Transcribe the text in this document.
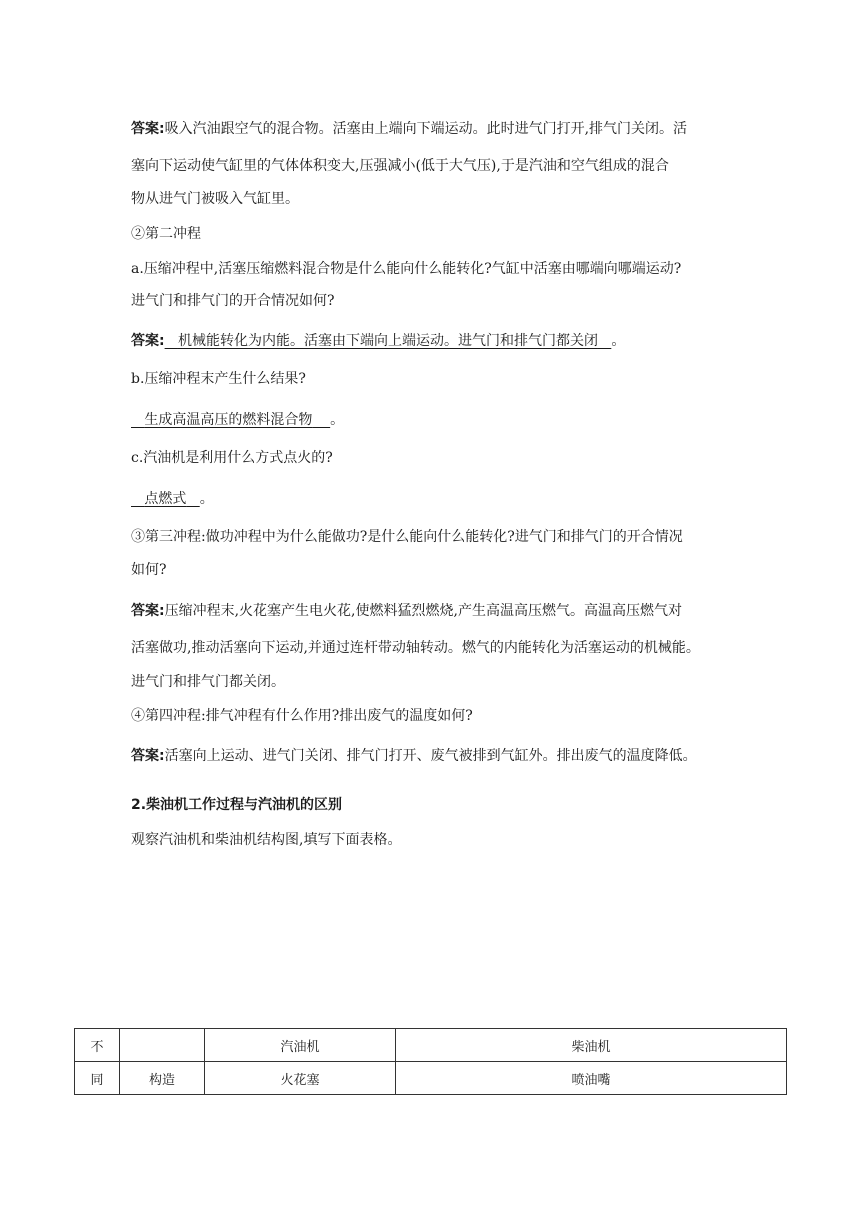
答案:吸入汽油跟空气的混合物。活塞由上端向下端运动。此时进气门打开,排气门关闭。活
塞向下运动使气缸里的气体体积变大,压强减小(低于大气压),于是汽油和空气组成的混合
物从进气门被吸入气缸里。
②第二冲程
a.压缩冲程中,活塞压缩燃料混合物是什么能向什么能转化?气缸中活塞由哪端向哪端运动?
进气门和排气门的开合情况如何?
答案: 机械能转化为内能。活塞由下端向上端运动。进气门和排气门都关闭 。
b.压缩冲程末产生什么结果?
生成高温高压的燃料混合物 。
c.汽油机是利用什么方式点火的?
点燃式 。
③第三冲程:做功冲程中为什么能做功?是什么能向什么能转化?进气门和排气门的开合情况
如何?
答案:压缩冲程末,火花塞产生电火花,使燃料猛烈燃烧,产生高温高压燃气。高温高压燃气对
活塞做功,推动活塞向下运动,并通过连杆带动轴转动。燃气的内能转化为活塞运动的机械能。
进气门和排气门都关闭。
④第四冲程:排气冲程有什么作用?排出废气的温度如何?
答案:活塞向上运动、进气门关闭、排气门打开、废气被排到气缸外。排出废气的温度降低。
2.柴油机工作过程与汽油机的区别
观察汽油机和柴油机结构图,填写下面表格。
不		汽油机	柴油机
同	构造	火花塞	喷油嘴
